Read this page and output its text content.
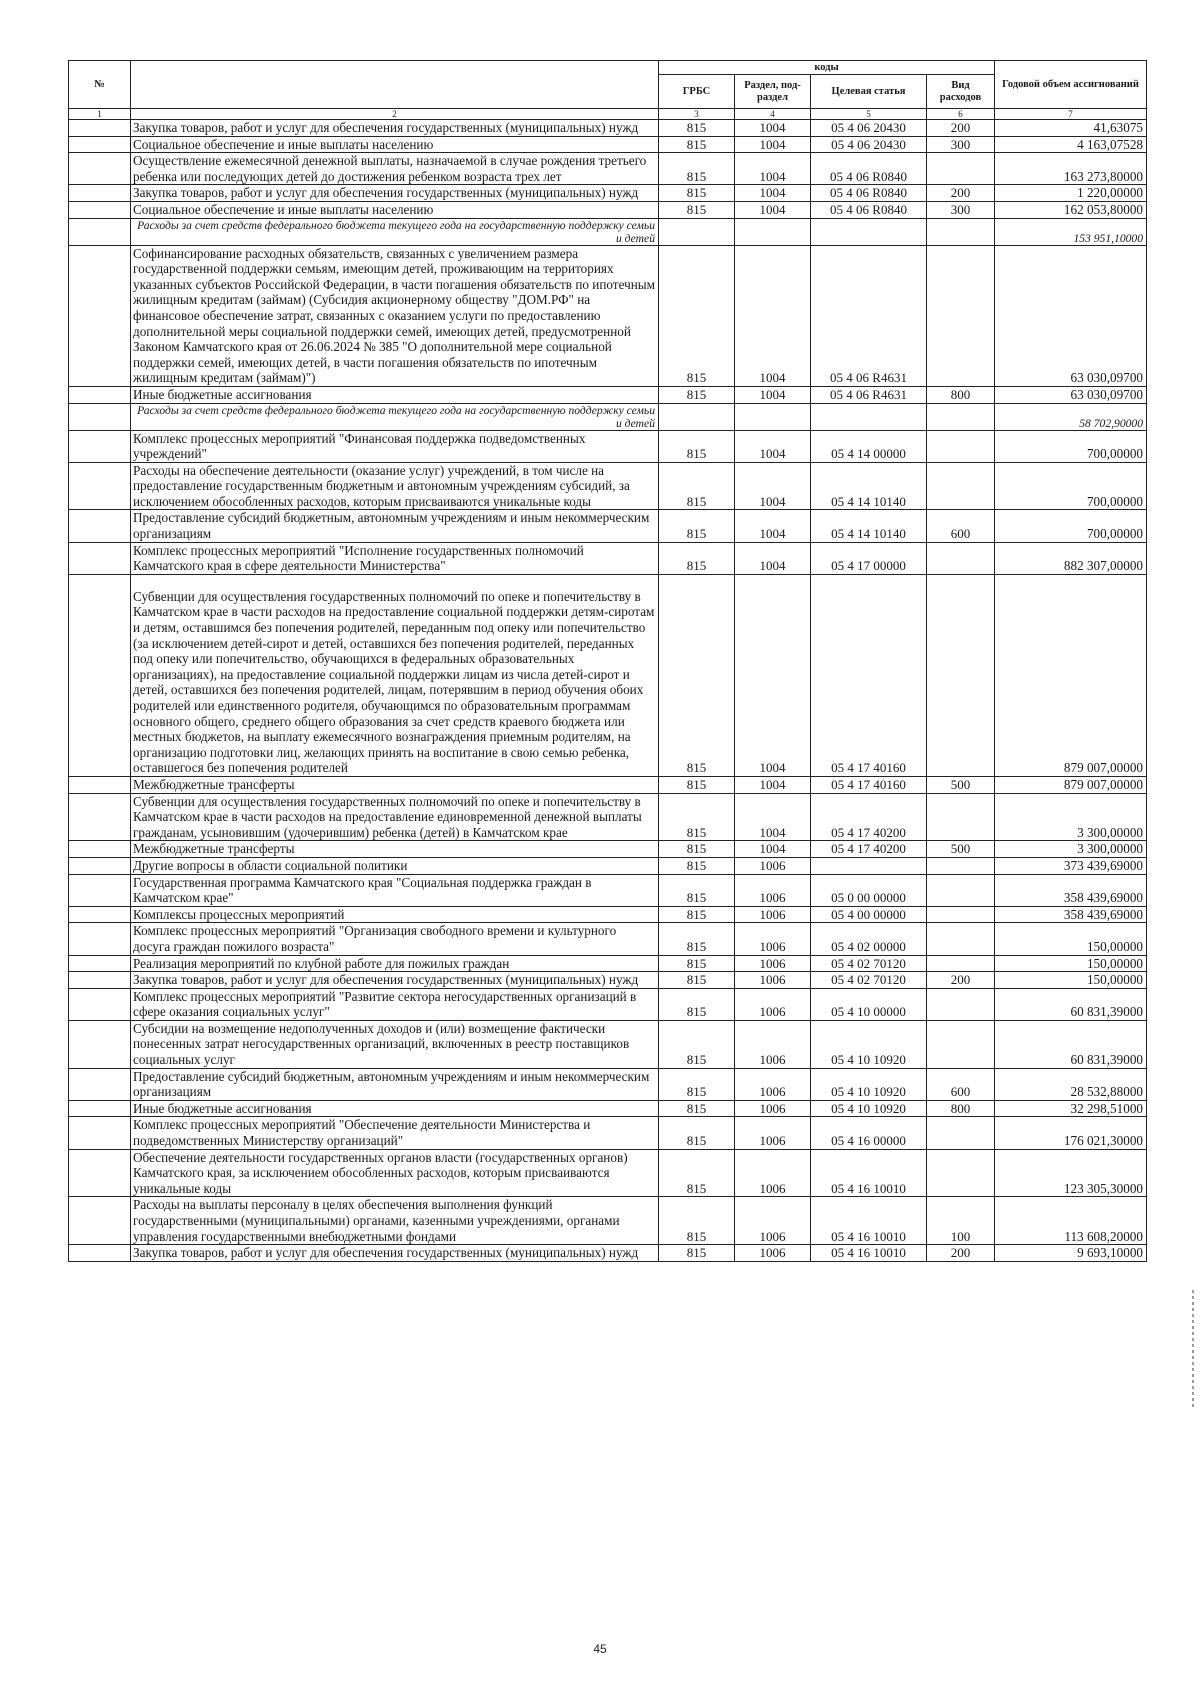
№		коды				Годовой объем ассигнований
		ГРБС	Раздел, под-раздел	Целевая статья	Вид расходов	
1	2	3	4	5	6	7
	Закупка товаров, работ и услуг для обеспечения государственных (муниципальных) нужд	815	1004	05 4 06 20430	200	41,63075
	Социальное обеспечение и иные выплаты населению	815	1004	05 4 06 20430	300	4 163,07528
	Осуществление ежемесячной денежной выплаты, назначаемой в случае рождения третьего ребенка или последующих детей до достижения ребенком возраста трех лет	815	1004	05 4 06 R0840		163 273,80000
	Закупка товаров, работ и услуг для обеспечения государственных (муниципальных) нужд	815	1004	05 4 06 R0840	200	1 220,00000
	Социальное обеспечение и иные выплаты населению	815	1004	05 4 06 R0840	300	162 053,80000
	Расходы за счет средств федерального бюджета текущего года на государственную поддержку семьи и детей					153 951,10000
	Софинансирование расходных обязательств, связанных с увеличением размера государственной поддержки семьям, имеющим детей, проживающим на территориях указанных субъектов Российской Федерации, в части погашения обязательств по ипотечным жилищным кредитам (займам) (Субсидия акционерному обществу "ДОМ.РФ" на финансовое обеспечение затрат, связанных с оказанием услуги по предоставлению дополнительной меры социальной поддержки семей, имеющих детей, предусмотренной Законом Камчатского края от 26.06.2024 № 385 "О дополнительной мере социальной поддержки семей, имеющих детей, в части погашения обязательств по ипотечным жилищным кредитам (займам)")	815	1004	05 4 06 R4631		63 030,09700
	Иные бюджетные ассигнования	815	1004	05 4 06 R4631	800	63 030,09700
	Расходы за счет средств федерального бюджета текущего года на государственную поддержку семьи и детей					58 702,90000
	Комплекс процессных мероприятий "Финансовая поддержка подведомственных учреждений"	815	1004	05 4 14 00000		700,00000
	Расходы на обеспечение деятельности (оказание услуг) учреждений, в том числе на предоставление государственным бюджетным и автономным учреждениям субсидий, за исключением обособленных расходов, которым присваиваются уникальные коды	815	1004	05 4 14 10140		700,00000
	Предоставление субсидий бюджетным, автономным учреждениям и иным некоммерческим организациям	815	1004	05 4 14 10140	600	700,00000
	Комплекс процессных мероприятий "Исполнение государственных полномочий Камчатского края в сфере деятельности Министерства"	815	1004	05 4 17 00000		882 307,00000
	Субвенции для осуществления государственных полномочий по опеке и попечительству в Камчатском крае в части расходов на предоставление социальной поддержки детям-сиротам и детям, оставшимся без попечения родителей, переданным под опеку или попечительство (за исключением детей-сирот и детей, оставшихся без попечения родителей, переданных под опеку или попечительство, обучающихся в федеральных образовательных организациях), на предоставление социальной поддержки лицам из числа детей-сирот и детей, оставшихся без попечения родителей, лицам, потерявшим в период обучения обоих родителей или единственного родителя, обучающимся по образовательным программам основного общего, среднего общего образования за счет средств краевого бюджета или местных бюджетов, на выплату ежемесячного вознаграждения приемным родителям, на организацию подготовки лиц, желающих принять на воспитание в свою семью ребенка, оставшегося без попечения родителей	815	1004	05 4 17 40160		879 007,00000
	Межбюджетные трансферты	815	1004	05 4 17 40160	500	879 007,00000
	Субвенции для осуществления государственных полномочий по опеке и попечительству в Камчатском крае в части расходов на предоставление единовременной денежной выплаты гражданам, усыновившим (удочерившим) ребенка (детей) в Камчатском крае	815	1004	05 4 17 40200		3 300,00000
	Межбюджетные трансферты	815	1004	05 4 17 40200	500	3 300,00000
	Другие вопросы в области социальной политики	815	1006			373 439,69000
	Государственная программа Камчатского края "Социальная поддержка граждан в Камчатском крае"	815	1006	05 0 00 00000		358 439,69000
	Комплексы процессных мероприятий	815	1006	05 4 00 00000		358 439,69000
	Комплекс процессных мероприятий "Организация свободного времени и культурного досуга граждан пожилого возраста"	815	1006	05 4 02 00000		150,00000
	Реализация мероприятий по клубной работе для пожилых граждан	815	1006	05 4 02 70120		150,00000
	Закупка товаров, работ и услуг для обеспечения государственных (муниципальных) нужд	815	1006	05 4 02 70120	200	150,00000
	Комплекс процессных мероприятий "Развитие сектора негосударственных организаций в сфере оказания социальных услуг"	815	1006	05 4 10 00000		60 831,39000
	Субсидии на возмещение недополученных доходов и (или) возмещение фактически понесенных затрат негосударственных организаций, включенных в реестр поставщиков социальных услуг	815	1006	05 4 10 10920		60 831,39000
	Предоставление субсидий бюджетным, автономным учреждениям и иным некоммерческим организациям	815	1006	05 4 10 10920	600	28 532,88000
	Иные бюджетные ассигнования	815	1006	05 4 10 10920	800	32 298,51000
	Комплекс процессных мероприятий "Обеспечение деятельности Министерства и подведомственных Министерству организаций"	815	1006	05 4 16 00000		176 021,30000
	Обеспечение деятельности государственных органов власти (государственных органов) Камчатского края, за исключением обособленных расходов, которым присваиваются уникальные коды	815	1006	05 4 16 10010		123 305,30000
	Расходы на выплаты персоналу в целях обеспечения выполнения функций государственными (муниципальными) органами, казенными учреждениями, органами управления государственными внебюджетными фондами	815	1006	05 4 16 10010	100	113 608,20000
	Закупка товаров, работ и услуг для обеспечения государственных (муниципальных) нужд	815	1006	05 4 16 10010	200	9 693,10000
45
